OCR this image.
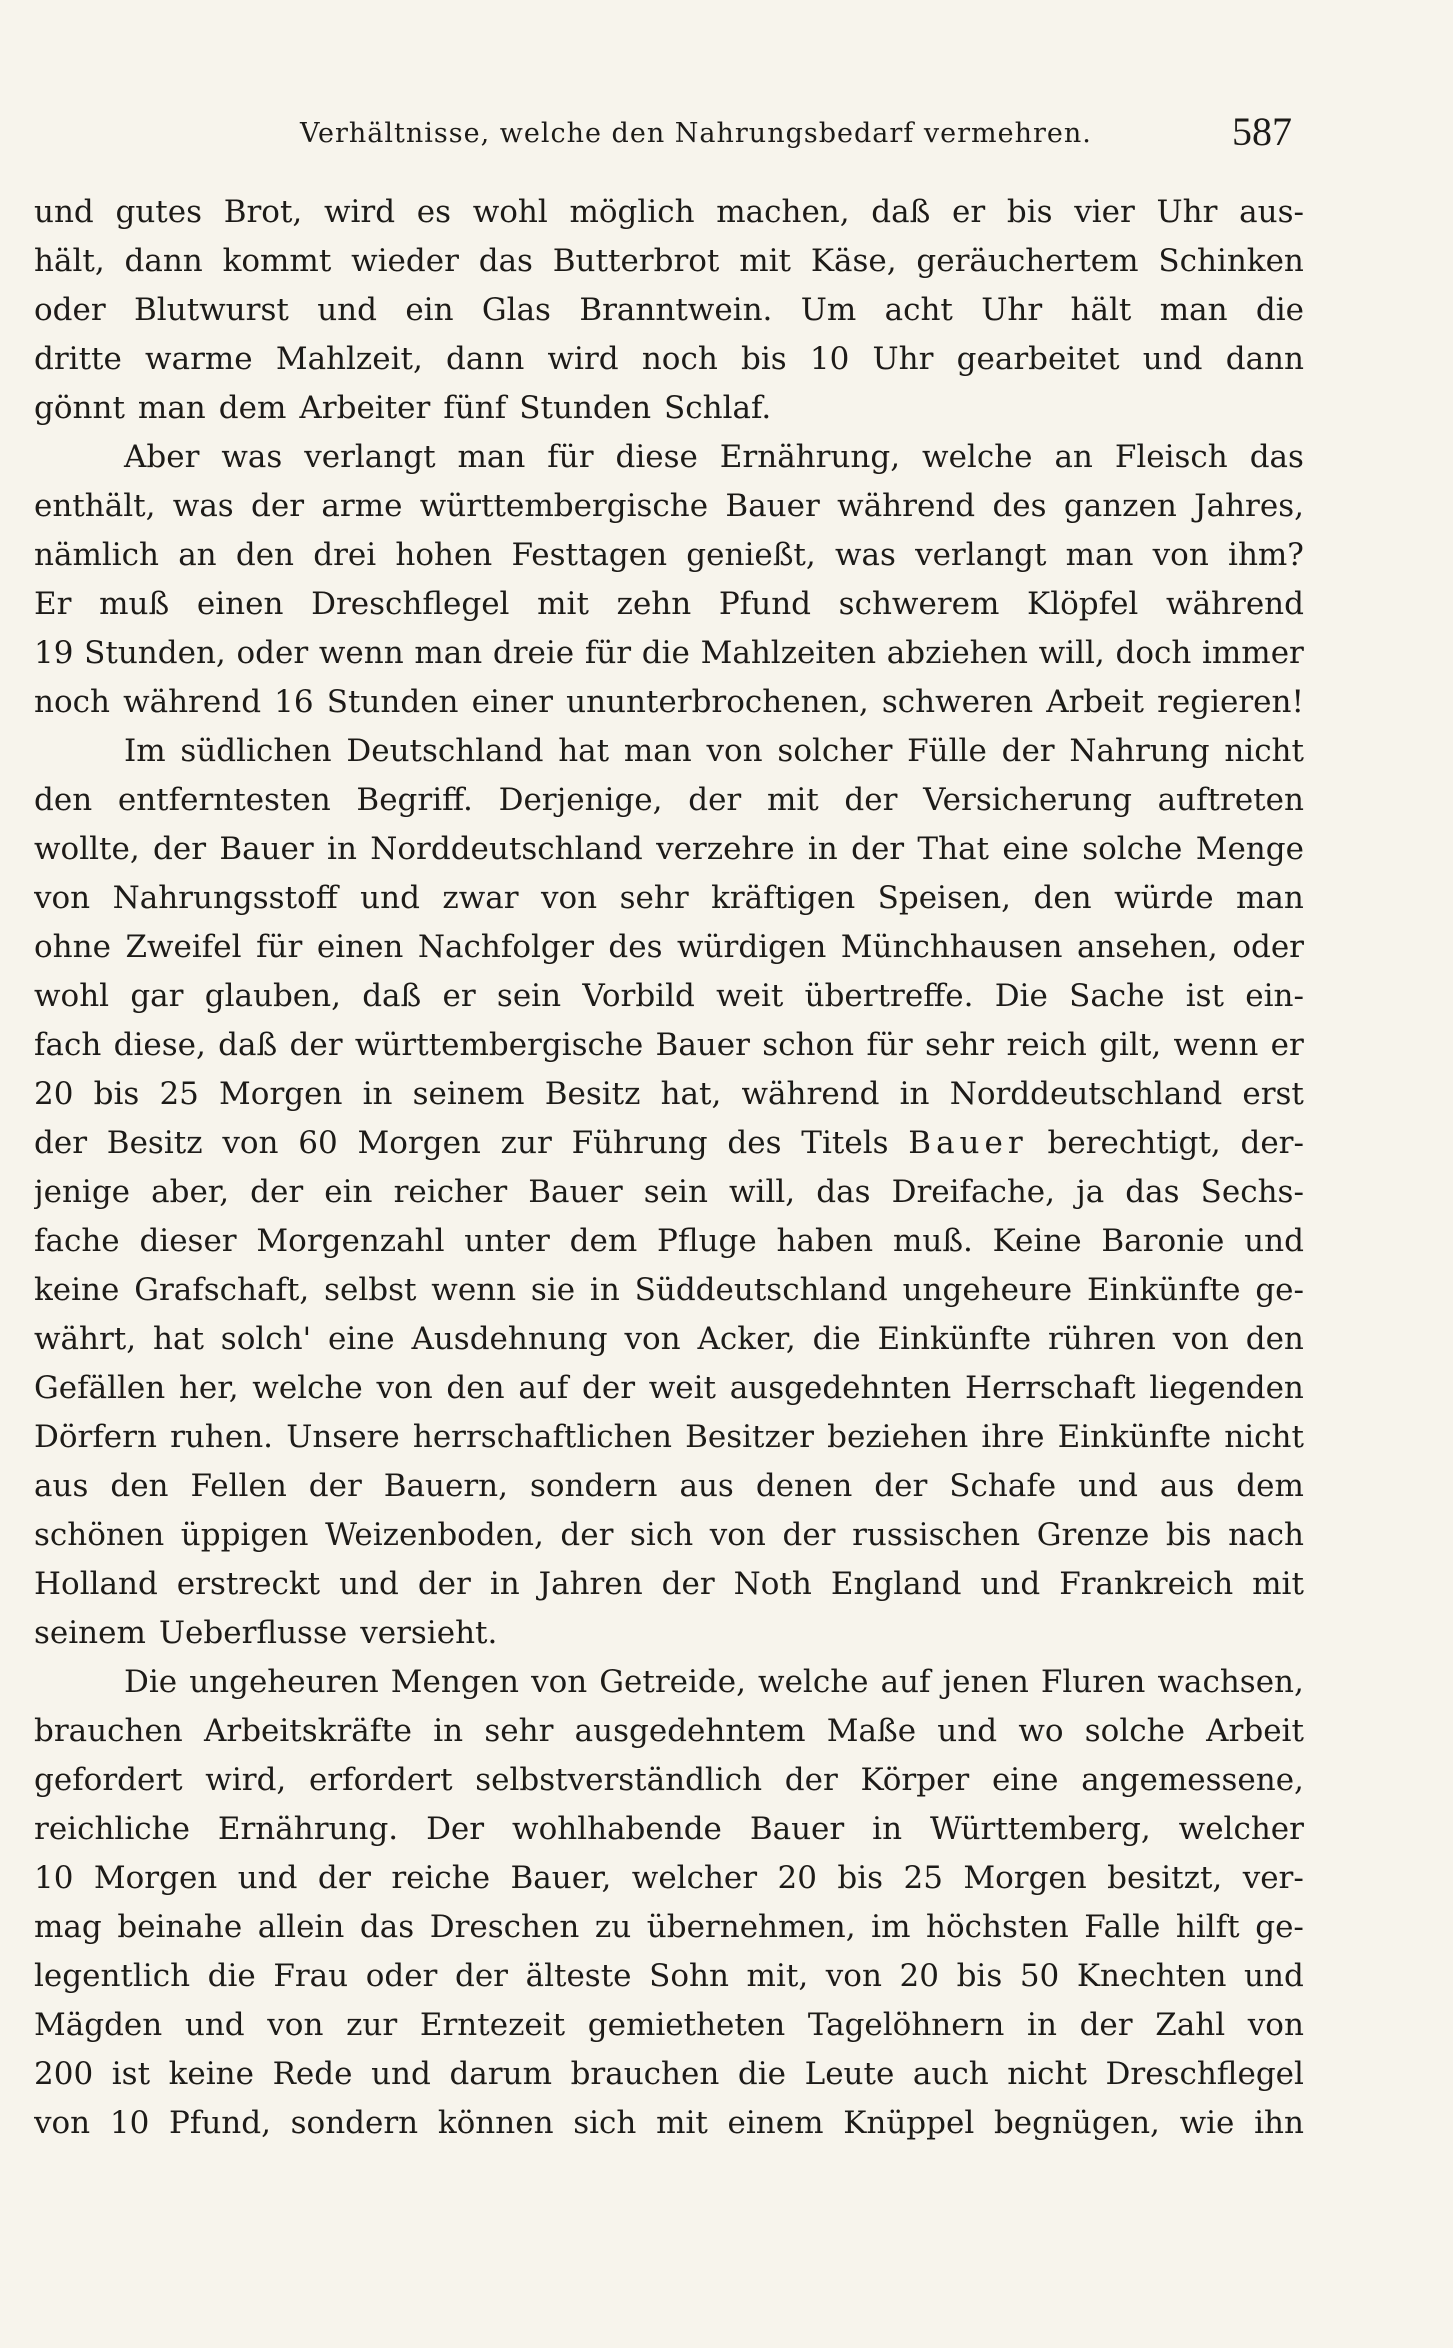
Verhältnisse, welche den Nahrungsbedarf vermehren.	587
und gutes Brot, wird es wohl möglich machen, daß er bis vier Uhr aus-
hält, dann kommt wieder das Butterbrot mit Käse, geräuchertem Schinken
oder Blutwurst und ein Glas Branntwein. Um acht Uhr hält man die
dritte warme Mahlzeit, dann wird noch bis 10 Uhr gearbeitet und dann
gönnt man dem Arbeiter fünf Stunden Schlaf.
Aber was verlangt man für diese Ernährung, welche an Fleisch das
enthält, was der arme württembergische Bauer während des ganzen Jahres,
nämlich an den drei hohen Festtagen genießt, was verlangt man von ihm?
Er muß einen Dreschflegel mit zehn Pfund schwerem Klöpfel während
19 Stunden, oder wenn man dreie für die Mahlzeiten abziehen will, doch immer
noch während 16 Stunden einer ununterbrochenen, schweren Arbeit regieren!
Im südlichen Deutschland hat man von solcher Fülle der Nahrung nicht
den entferntesten Begriff. Derjenige, der mit der Versicherung auftreten
wollte, der Bauer in Norddeutschland verzehre in der That eine solche Menge
von Nahrungsstoff und zwar von sehr kräftigen Speisen, den würde man
ohne Zweifel für einen Nachfolger des würdigen Münchhausen ansehen, oder
wohl gar glauben, daß er sein Vorbild weit übertreffe. Die Sache ist ein-
fach diese, daß der württembergische Bauer schon für sehr reich gilt, wenn er
20 bis 25 Morgen in seinem Besitz hat, während in Norddeutschland erst
der Besitz von 60 Morgen zur Führung des Titels Bauer berechtigt, der-
jenige aber, der ein reicher Bauer sein will, das Dreifache, ja das Sechs-
fache dieser Morgenzahl unter dem Pfluge haben muß. Keine Baronie und
keine Grafschaft, selbst wenn sie in Süddeutschland ungeheure Einkünfte ge-
währt, hat solch' eine Ausdehnung von Acker, die Einkünfte rühren von den
Gefällen her, welche von den auf der weit ausgedehnten Herrschaft liegenden
Dörfern ruhen. Unsere herrschaftlichen Besitzer beziehen ihre Einkünfte nicht
aus den Fellen der Bauern, sondern aus denen der Schafe und aus dem
schönen üppigen Weizenboden, der sich von der russischen Grenze bis nach
Holland erstreckt und der in Jahren der Noth England und Frankreich mit
seinem Ueberflusse versieht.
Die ungeheuren Mengen von Getreide, welche auf jenen Fluren wachsen,
brauchen Arbeitskräfte in sehr ausgedehntem Maße und wo solche Arbeit
gefordert wird, erfordert selbstverständlich der Körper eine angemessene,
reichliche Ernährung. Der wohlhabende Bauer in Württemberg, welcher
10 Morgen und der reiche Bauer, welcher 20 bis 25 Morgen besitzt, ver-
mag beinahe allein das Dreschen zu übernehmen, im höchsten Falle hilft ge-
legentlich die Frau oder der älteste Sohn mit, von 20 bis 50 Knechten und
Mägden und von zur Erntezeit gemietheten Tagelöhnern in der Zahl von
200 ist keine Rede und darum brauchen die Leute auch nicht Dreschflegel
von 10 Pfund, sondern können sich mit einem Knüppel begnügen, wie ihn
